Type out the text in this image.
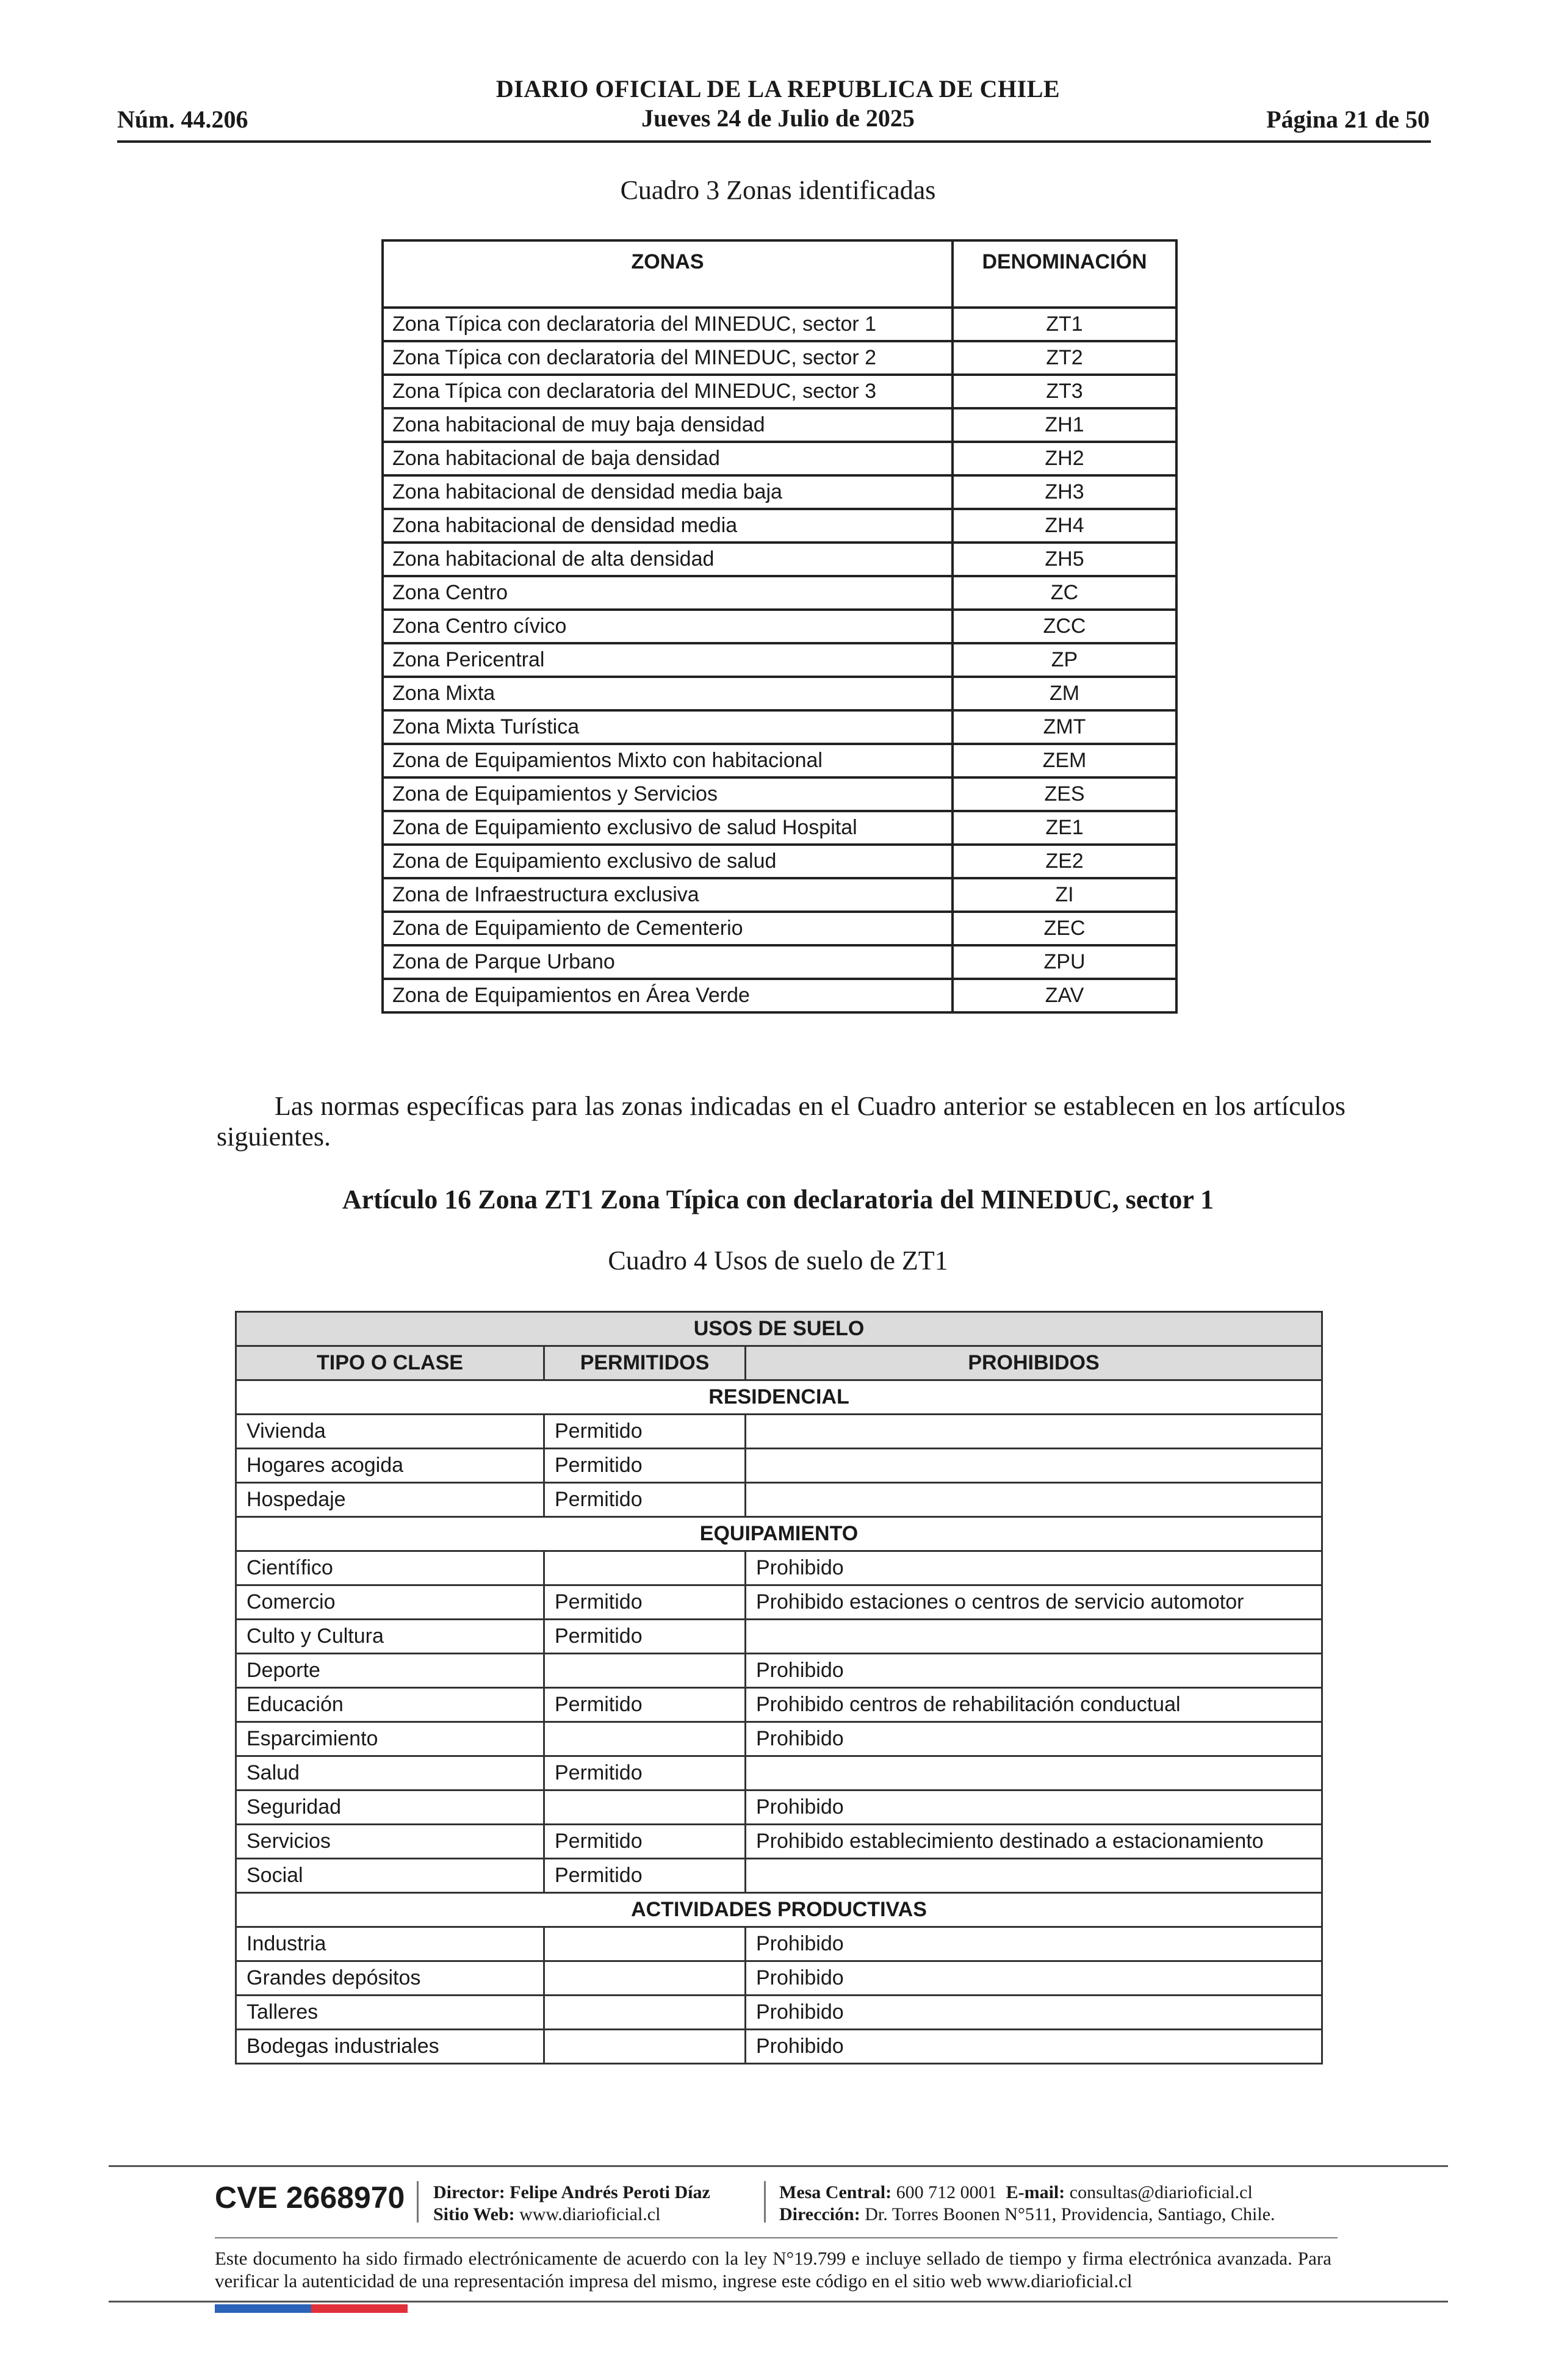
DIARIO OFICIAL DE LA REPUBLICA DE CHILE
Jueves 24 de Julio de 2025
Núm. 44.206	Página 21 de 50
Cuadro 3 Zonas identificadas
ZONAS	DENOMINACIÓN
Zona Típica con declaratoria del MINEDUC, sector 1	ZT1
Zona Típica con declaratoria del MINEDUC, sector 2	ZT2
Zona Típica con declaratoria del MINEDUC, sector 3	ZT3
Zona habitacional de muy baja densidad	ZH1
Zona habitacional de baja densidad	ZH2
Zona habitacional de densidad media baja	ZH3
Zona habitacional de densidad media	ZH4
Zona habitacional de alta densidad	ZH5
Zona Centro	ZC
Zona Centro cívico	ZCC
Zona Pericentral	ZP
Zona Mixta	ZM
Zona Mixta Turística	ZMT
Zona de Equipamientos Mixto con habitacional	ZEM
Zona de Equipamientos y Servicios	ZES
Zona de Equipamiento exclusivo de salud Hospital	ZE1
Zona de Equipamiento exclusivo de salud	ZE2
Zona de Infraestructura exclusiva	ZI
Zona de Equipamiento de Cementerio	ZEC
Zona de Parque Urbano	ZPU
Zona de Equipamientos en Área Verde	ZAV
Las normas específicas para las zonas indicadas en el Cuadro anterior se establecen en los artículos siguientes.
Artículo 16 Zona ZT1 Zona Típica con declaratoria del MINEDUC, sector 1
Cuadro 4 Usos de suelo de ZT1
USOS DE SUELO		
TIPO O CLASE	PERMITIDOS	PROHIBIDOS
RESIDENCIAL		
Vivienda	Permitido	
Hogares acogida	Permitido	
Hospedaje	Permitido	
EQUIPAMIENTO		
Científico		Prohibido
Comercio	Permitido	Prohibido estaciones o centros de servicio automotor
Culto y Cultura	Permitido	
Deporte		Prohibido
Educación	Permitido	Prohibido centros de rehabilitación conductual
Esparcimiento		Prohibido
Salud	Permitido	
Seguridad		Prohibido
Servicios	Permitido	Prohibido establecimiento destinado a estacionamiento
Social	Permitido	
ACTIVIDADES PRODUCTIVAS		
Industria		Prohibido
Grandes depósitos		Prohibido
Talleres		Prohibido
Bodegas industriales		Prohibido
CVE 2668970 Director: Felipe Andrés Peroti Díaz
Sitio Web: www.diarioficial.cl
Mesa Central: 600 712 0001 E-mail: consultas@diarioficial.cl
Dirección: Dr. Torres Boonen N°511, Providencia, Santiago, Chile.
Este documento ha sido firmado electrónicamente de acuerdo con la ley N°19.799 e incluye sellado de tiempo y firma electrónica avanzada. Para verificar la autenticidad de una representación impresa del mismo, ingrese este código en el sitio web www.diarioficial.cl
